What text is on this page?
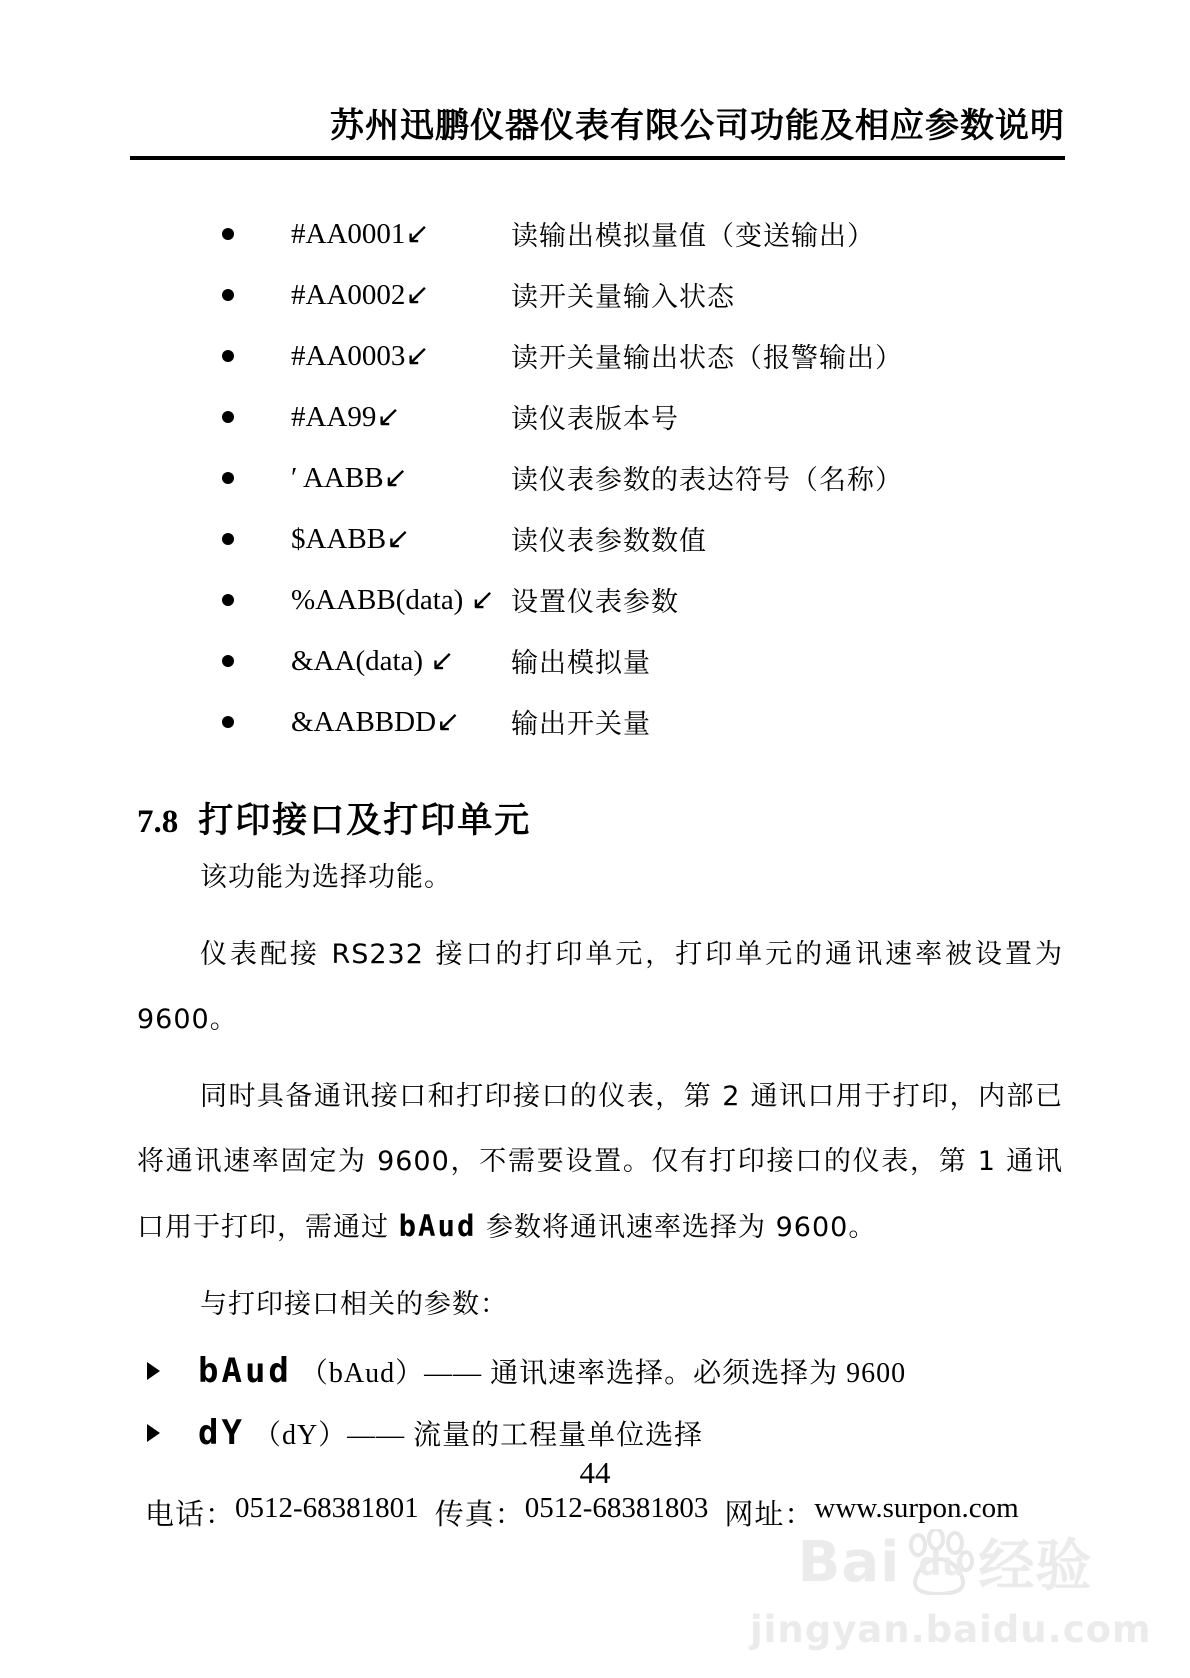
苏州迅鹏仪器仪表有限公司功能及相应参数说明
#AA0001↙	读输出模拟量值（变送输出）
#AA0002↙	读开关量输入状态
#AA0003↙	读开关量输出状态（报警输出）
#AA99↙	读仪表版本号
′ AABB↙	读仪表参数的表达符号（名称）
$AABB↙	读仪表参数数值
%AABB(data) ↙ 设置仪表参数
&AA(data) ↙	输出模拟量
&AABBDD↙	输出开关量
7.8 打印接口及打印单元

该功能为选择功能。

仪表配接 RS232 接口的打印单元，打印单元的通讯速率被设置为 9600。

同时具备通讯接口和打印接口的仪表，第 2 通讯口用于打印，内部已将通讯速率固定为 9600，不需要设置。仅有打印接口的仪表，第 1 通讯口用于打印，需通过 bAud 参数将通讯速率选择为 9600。

与打印接口相关的参数：

bAud （bAud）—— 通讯速率选择。必须选择为 9600
dY （dY）—— 流量的工程量单位选择
44
电话： 0512-68381801 传真： 0512-68381803 网址： www.surpon.com
Bai du 经验
jingyan.baidu.com
